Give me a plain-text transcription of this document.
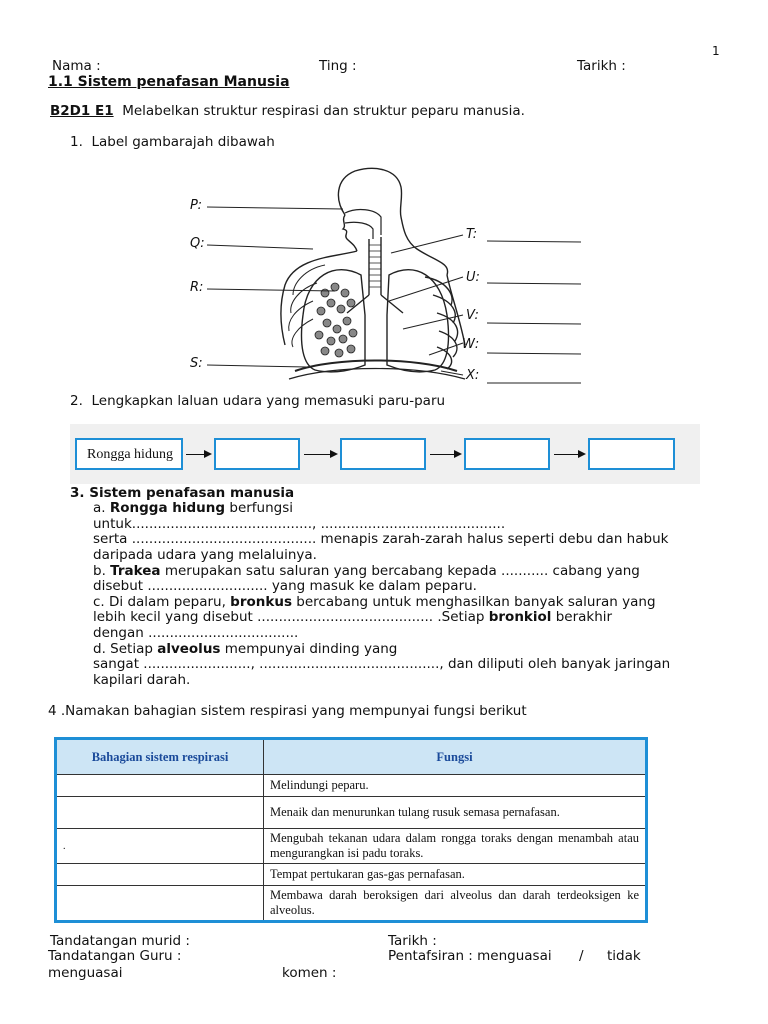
1
Nama :	Ting :	Tarikh :
1.1 Sistem penafasan Manusia
B2D1 E1 Melabelkan struktur respirasi dan struktur peparu manusia.
1. Label gambarajah dibawah
P:
Q:
R:
S:
T:
U:
V:
W:
X:
2. Lengkapkan laluan udara yang memasuki paru-paru
Rongga hidung
3. Sistem penafasan manusia
a. Rongga hidung berfungsi
untuk.........................................., ...........................................
serta ........................................... menapis zarah-zarah halus seperti debu dan habuk
daripada udara yang melaluinya.
b. Trakea merupakan satu saluran yang bercabang kepada ........... cabang yang
disebut ............................ yang masuk ke dalam peparu.
c. Di dalam peparu, bronkus bercabang untuk menghasilkan banyak saluran yang
lebih kecil yang disebut ......................................... .Setiap bronkiol berakhir
dengan ...................................
d. Setiap alveolus mempunyai dinding yang
sangat ........................., .........................................., dan diliputi oleh banyak jaringan
kapilari darah.
4 .Namakan bahagian sistem respirasi yang mempunyai fungsi berikut
Bahagian sistem respirasi	Fungsi
	Melindungi peparu.
	Menaik dan menurunkan tulang rusuk semasa pernafasan.
.	Mengubah tekanan udara dalam rongga toraks dengan menambah atau mengurangkan isi padu toraks.
	Tempat pertukaran gas-gas pernafasan.
	Membawa darah beroksigen dari alveolus dan darah terdeoksigen ke alveolus.
Tandatangan murid :	Tarikh :
Tandatangan Guru :	Pentafsiran : menguasai / tidak
menguasai	komen :
